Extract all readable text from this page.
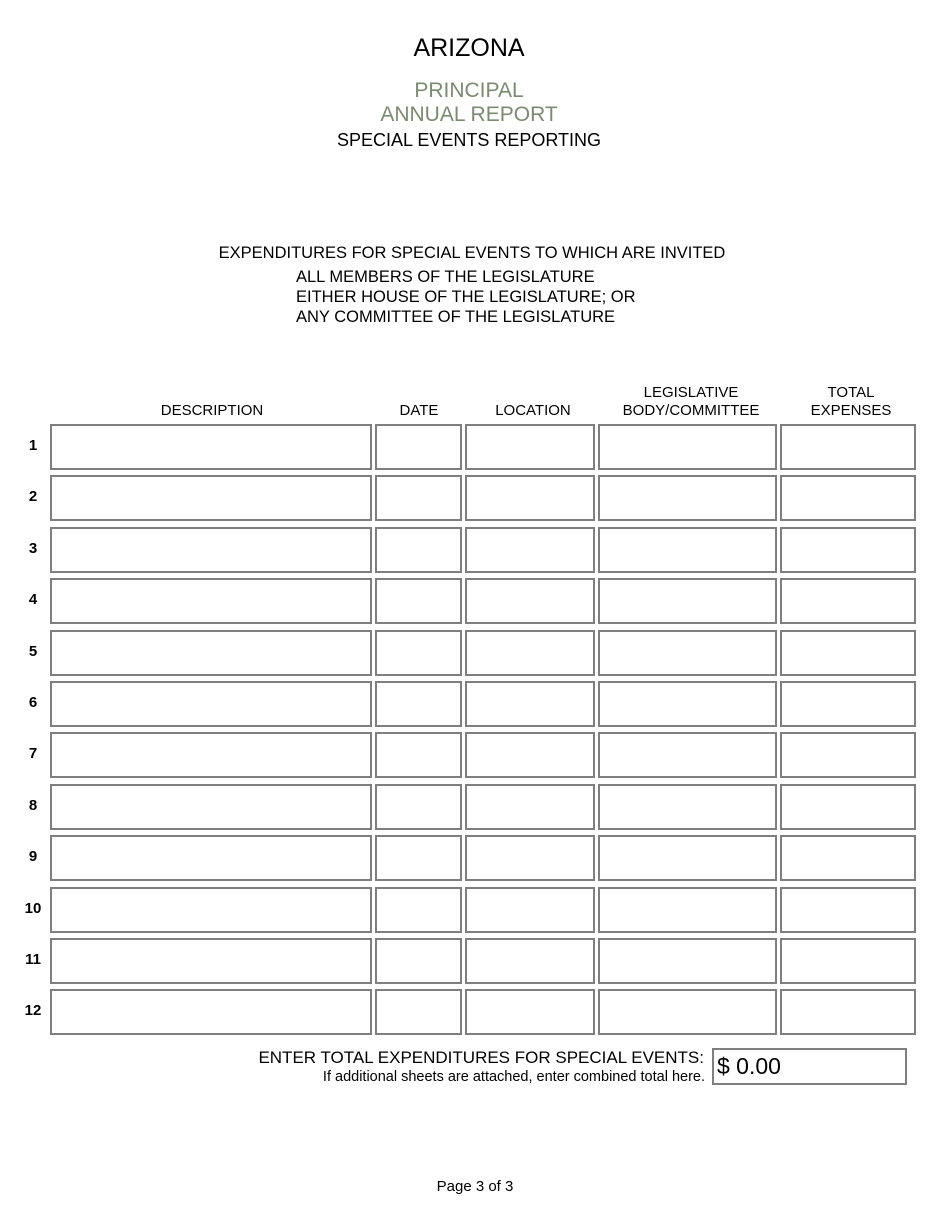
ARIZONA
PRINCIPAL
ANNUAL REPORT
SPECIAL EVENTS REPORTING
EXPENDITURES FOR SPECIAL EVENTS TO WHICH ARE INVITED
ALL MEMBERS OF THE LEGISLATURE
EITHER HOUSE OF THE LEGISLATURE; OR
ANY COMMITTEE OF THE LEGISLATURE
DESCRIPTION	DATE	LOCATION
LEGISLATIVE
BODY/COMMITTEE
TOTAL
EXPENSES
1
2
3
4
5
6
7
8
9
10
11
12
ENTER TOTAL EXPENDITURES FOR SPECIAL EVENTS:
If additional sheets are attached, enter combined total here. $ 0.00
Page 3 of 3
